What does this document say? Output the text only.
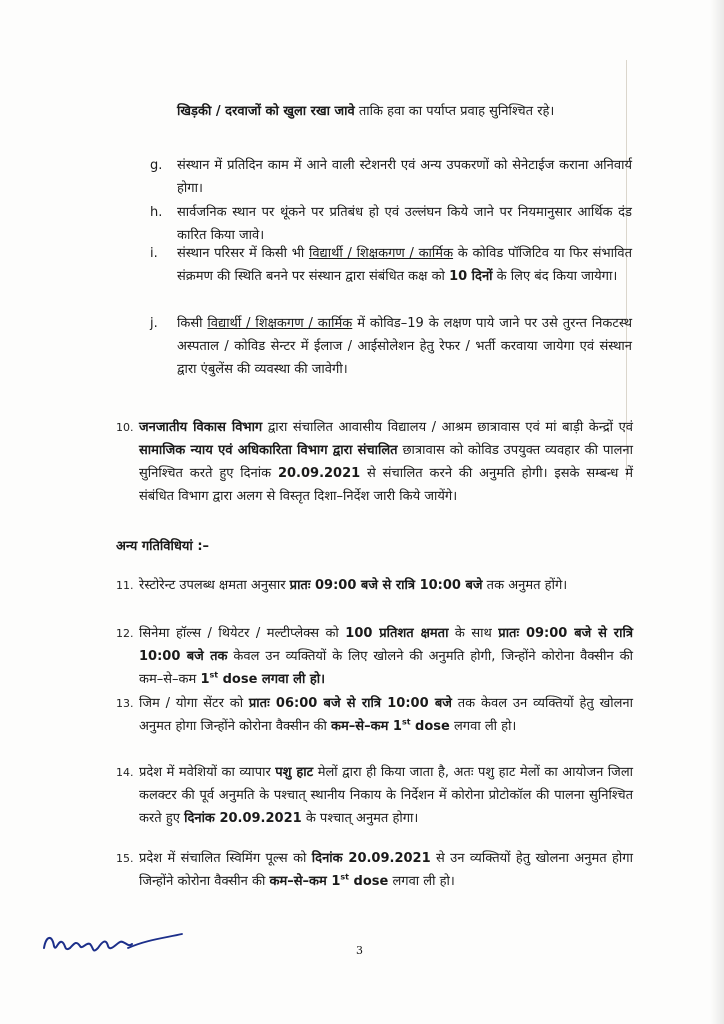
खिड़की / दरवाजों को खुला रखा जावे ताकि हवा का पर्याप्त प्रवाह सुनिश्चित रहे।

g. संस्थान में प्रतिदिन काम में आने वाली स्टेशनरी एवं अन्य उपकरणों को सेनेटाईज कराना अनिवार्य होगा।

h. सार्वजनिक स्थान पर थूंकने पर प्रतिबंध हो एवं उल्लंघन किये जाने पर नियमानुसार आर्थिक दंड कारित किया जावे।

i. संस्थान परिसर में किसी भी विद्यार्थी / शिक्षकगण / कार्मिक के कोविड पॉजिटिव या फिर संभावित संक्रमण की स्थिति बनने पर संस्थान द्वारा संबंधित कक्ष को 10 दिनों के लिए बंद किया जायेगा।

j. किसी विद्यार्थी / शिक्षकगण / कार्मिक में कोविड–19 के लक्षण पाये जाने पर उसे तुरन्त निकटस्थ अस्पताल / कोविड सेन्टर में ईलाज / आईसोलेशन हेतु रेफर / भर्ती करवाया जायेगा एवं संस्थान द्वारा एंबुलेंस की व्यवस्था की जावेगी।

10. जनजातीय विकास विभाग द्वारा संचालित आवासीय विद्यालय / आश्रम छात्रावास एवं मां बाड़ी केन्द्रों एवं सामाजिक न्याय एवं अधिकारिता विभाग द्वारा संचालित छात्रावास को कोविड उपयुक्त व्यवहार की पालना सुनिश्चित करते हुए दिनांक 20.09.2021 से संचालित करने की अनुमति होगी। इसके सम्बन्ध में संबंधित विभाग द्वारा अलग से विस्तृत दिशा–निर्देश जारी किये जायेंगे।

अन्य गतिविधियां :–

11. रेस्टोरेन्ट उपलब्ध क्षमता अनुसार प्रातः 09:00 बजे से रात्रि 10:00 बजे तक अनुमत होंगे।

12. सिनेमा हॉल्स / थियेटर / मल्टीप्लेक्स को 100 प्रतिशत क्षमता के साथ प्रातः 09:00 बजे से रात्रि 10:00 बजे तक केवल उन व्यक्तियों के लिए खोलने की अनुमति होगी, जिन्होंने कोरोना वैक्सीन की कम–से–कम 1st dose लगवा ली हो।

13. जिम / योगा सेंटर को प्रातः 06:00 बजे से रात्रि 10:00 बजे तक केवल उन व्यक्तियों हेतु खोलना अनुमत होगा जिन्होंने कोरोना वैक्सीन की कम–से–कम 1st dose लगवा ली हो।

14. प्रदेश में मवेशियों का व्यापार पशु हाट मेलों द्वारा ही किया जाता है, अतः पशु हाट मेलों का आयोजन जिला कलक्टर की पूर्व अनुमति के पश्चात् स्थानीय निकाय के निर्देशन में कोरोना प्रोटोकॉल की पालना सुनिश्चित करते हुए दिनांक 20.09.2021 के पश्चात् अनुमत होगा।

15. प्रदेश में संचालित स्विमिंग पूल्स को दिनांक 20.09.2021 से उन व्यक्तियों हेतु खोलना अनुमत होगा जिन्होंने कोरोना वैक्सीन की कम–से–कम 1st dose लगवा ली हो।

3
